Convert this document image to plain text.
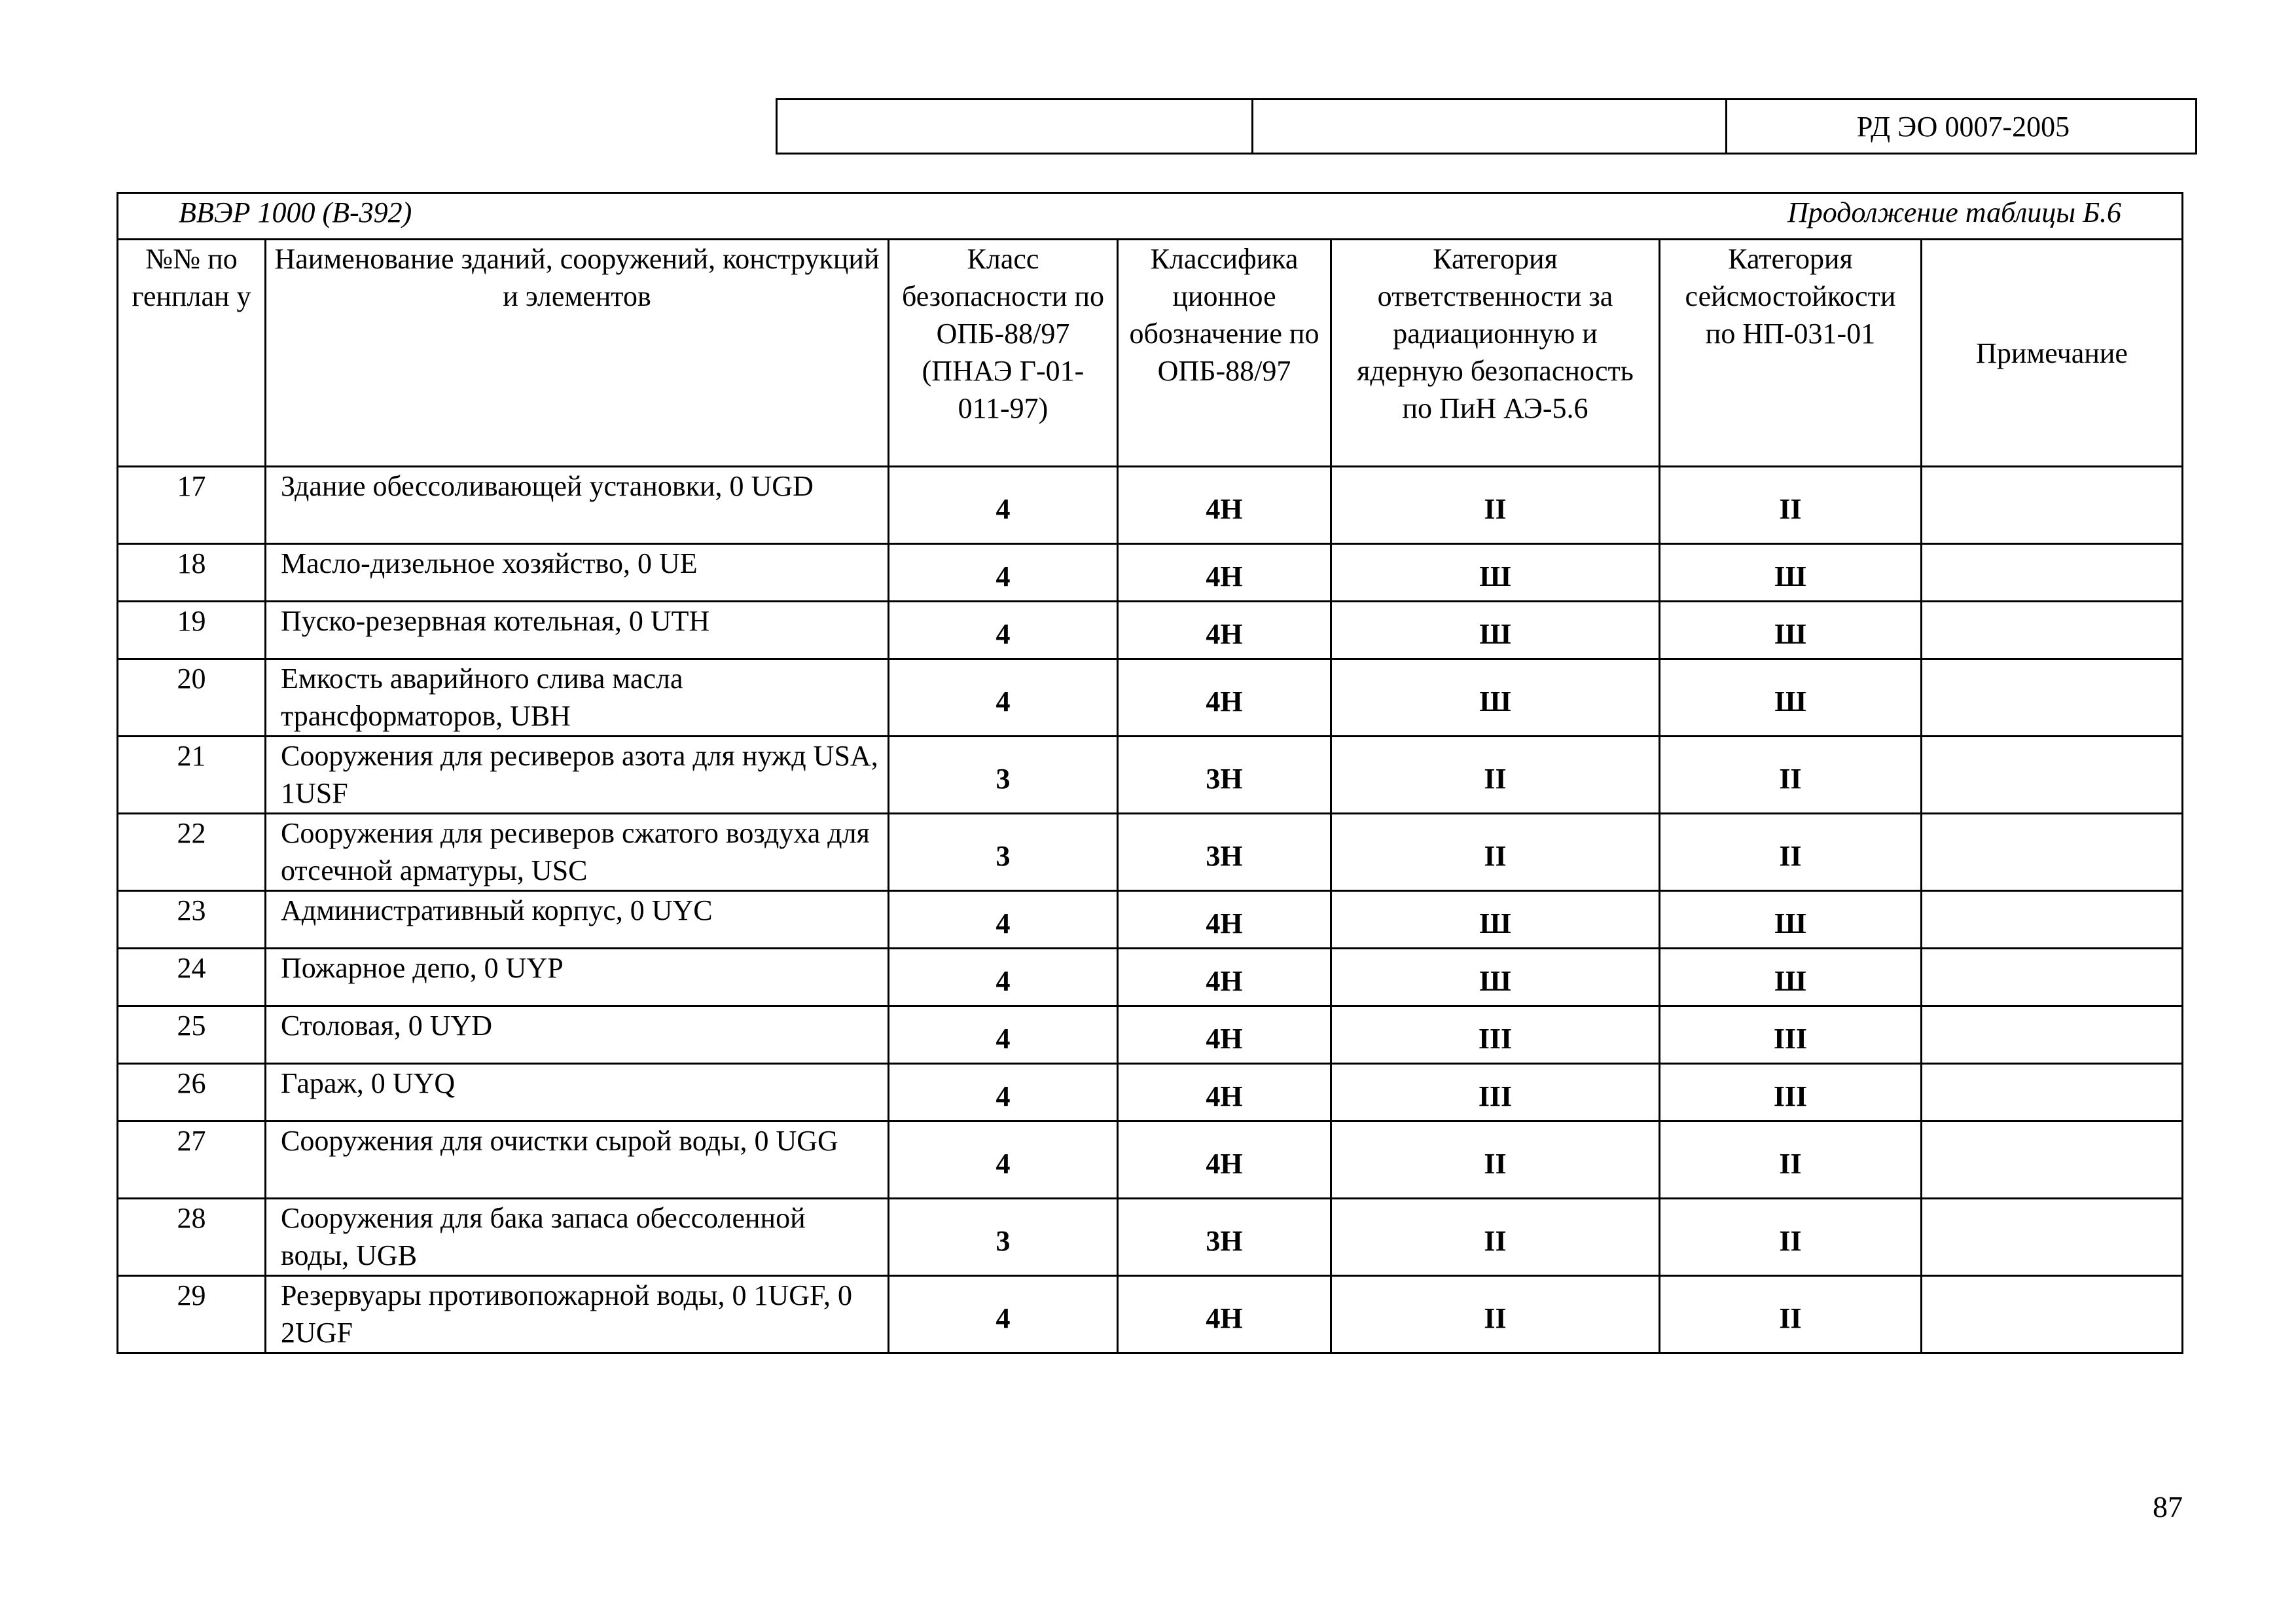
РД ЭО 0007-2005
ВВЭР 1000 (В-392) Продолжение таблицы Б.6						

№№ по генплан у	Наименование зданий, сооружений, конструкций и элементов	Класс безопасности по ОПБ-88/97 (ПНАЭ Г-01-011-97)	Классифика ционное обозначение по ОПБ-88/97	Категория ответственности за радиационную и ядерную безопасность по ПиН АЭ-5.6	Категория сейсмостойкости по НП-031-01	Примечание
17	Здание обессоливающей установки, 0 UGD	4	4Н	II	II	
18	Масло-дизельное хозяйство, 0 UE	4	4Н	Ш	Ш	
19	Пуско-резервная котельная, 0 UTH	4	4Н	Ш	Ш	
20	Емкость аварийного слива масла трансформаторов, UBH	4	4Н	Ш	Ш	
21	Сооружения для ресиверов азота для нужд USA, 1USF	3	3Н	II	II	
22	Сооружения для ресиверов сжатого воздуха для отсечной арматуры, USC	3	3Н	II	II	
23	Административный корпус, 0 UYC	4	4Н	Ш	Ш	
24	Пожарное депо, 0 UYP	4	4Н	Ш	Ш	
25	Столовая, 0 UYD	4	4Н	III	III	
26	Гараж, 0 UYQ	4	4Н	III	III	
27	Сооружения для очистки сырой воды, 0 UGG	4	4Н	II	II	
28	Сооружения для бака запаса обессоленной воды, UGB	3	3Н	II	II	
29	Резервуары противопожарной воды, 0 1UGF, 0 2UGF	4	4Н	II	II	
87
